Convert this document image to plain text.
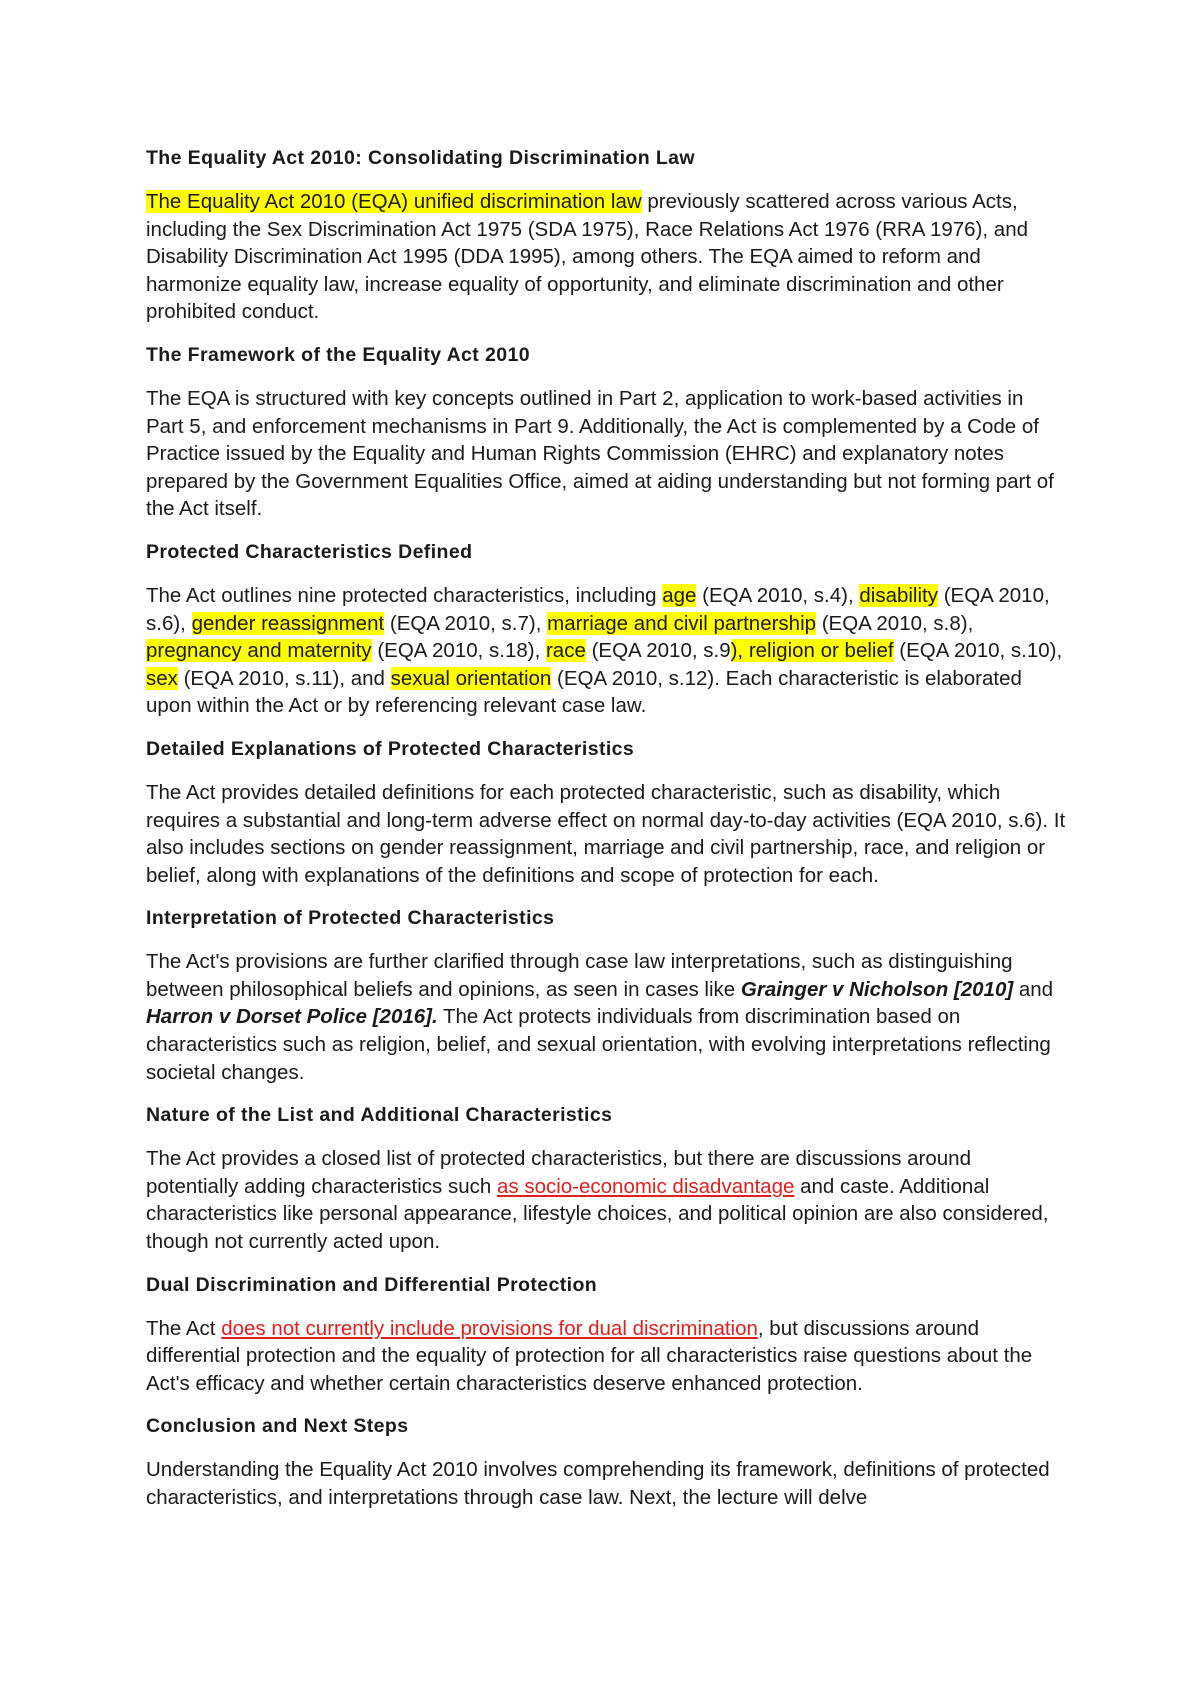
The Equality Act 2010: Consolidating Discrimination Law

The Equality Act 2010 (EQA) unified discrimination law previously scattered across various Acts, including the Sex Discrimination Act 1975 (SDA 1975), Race Relations Act 1976 (RRA 1976), and Disability Discrimination Act 1995 (DDA 1995), among others. The EQA aimed to reform and harmonize equality law, increase equality of opportunity, and eliminate discrimination and other prohibited conduct.

The Framework of the Equality Act 2010

The EQA is structured with key concepts outlined in Part 2, application to work-based activities in Part 5, and enforcement mechanisms in Part 9. Additionally, the Act is complemented by a Code of Practice issued by the Equality and Human Rights Commission (EHRC) and explanatory notes prepared by the Government Equalities Office, aimed at aiding understanding but not forming part of the Act itself.

Protected Characteristics Defined

The Act outlines nine protected characteristics, including age (EQA 2010, s.4), disability (EQA 2010, s.6), gender reassignment (EQA 2010, s.7), marriage and civil partnership (EQA 2010, s.8), pregnancy and maternity (EQA 2010, s.18), race (EQA 2010, s.9), religion or belief (EQA 2010, s.10), sex (EQA 2010, s.11), and sexual orientation (EQA 2010, s.12). Each characteristic is elaborated upon within the Act or by referencing relevant case law.

Detailed Explanations of Protected Characteristics

The Act provides detailed definitions for each protected characteristic, such as disability, which requires a substantial and long-term adverse effect on normal day-to-day activities (EQA 2010, s.6). It also includes sections on gender reassignment, marriage and civil partnership, race, and religion or belief, along with explanations of the definitions and scope of protection for each.

Interpretation of Protected Characteristics

The Act's provisions are further clarified through case law interpretations, such as distinguishing between philosophical beliefs and opinions, as seen in cases like Grainger v Nicholson [2010] and Harron v Dorset Police [2016]. The Act protects individuals from discrimination based on characteristics such as religion, belief, and sexual orientation, with evolving interpretations reflecting societal changes.

Nature of the List and Additional Characteristics

The Act provides a closed list of protected characteristics, but there are discussions around potentially adding characteristics such as socio-economic disadvantage and caste. Additional characteristics like personal appearance, lifestyle choices, and political opinion are also considered, though not currently acted upon.

Dual Discrimination and Differential Protection

The Act does not currently include provisions for dual discrimination, but discussions around differential protection and the equality of protection for all characteristics raise questions about the Act's efficacy and whether certain characteristics deserve enhanced protection.

Conclusion and Next Steps

Understanding the Equality Act 2010 involves comprehending its framework, definitions of protected characteristics, and interpretations through case law. Next, the lecture will delve
